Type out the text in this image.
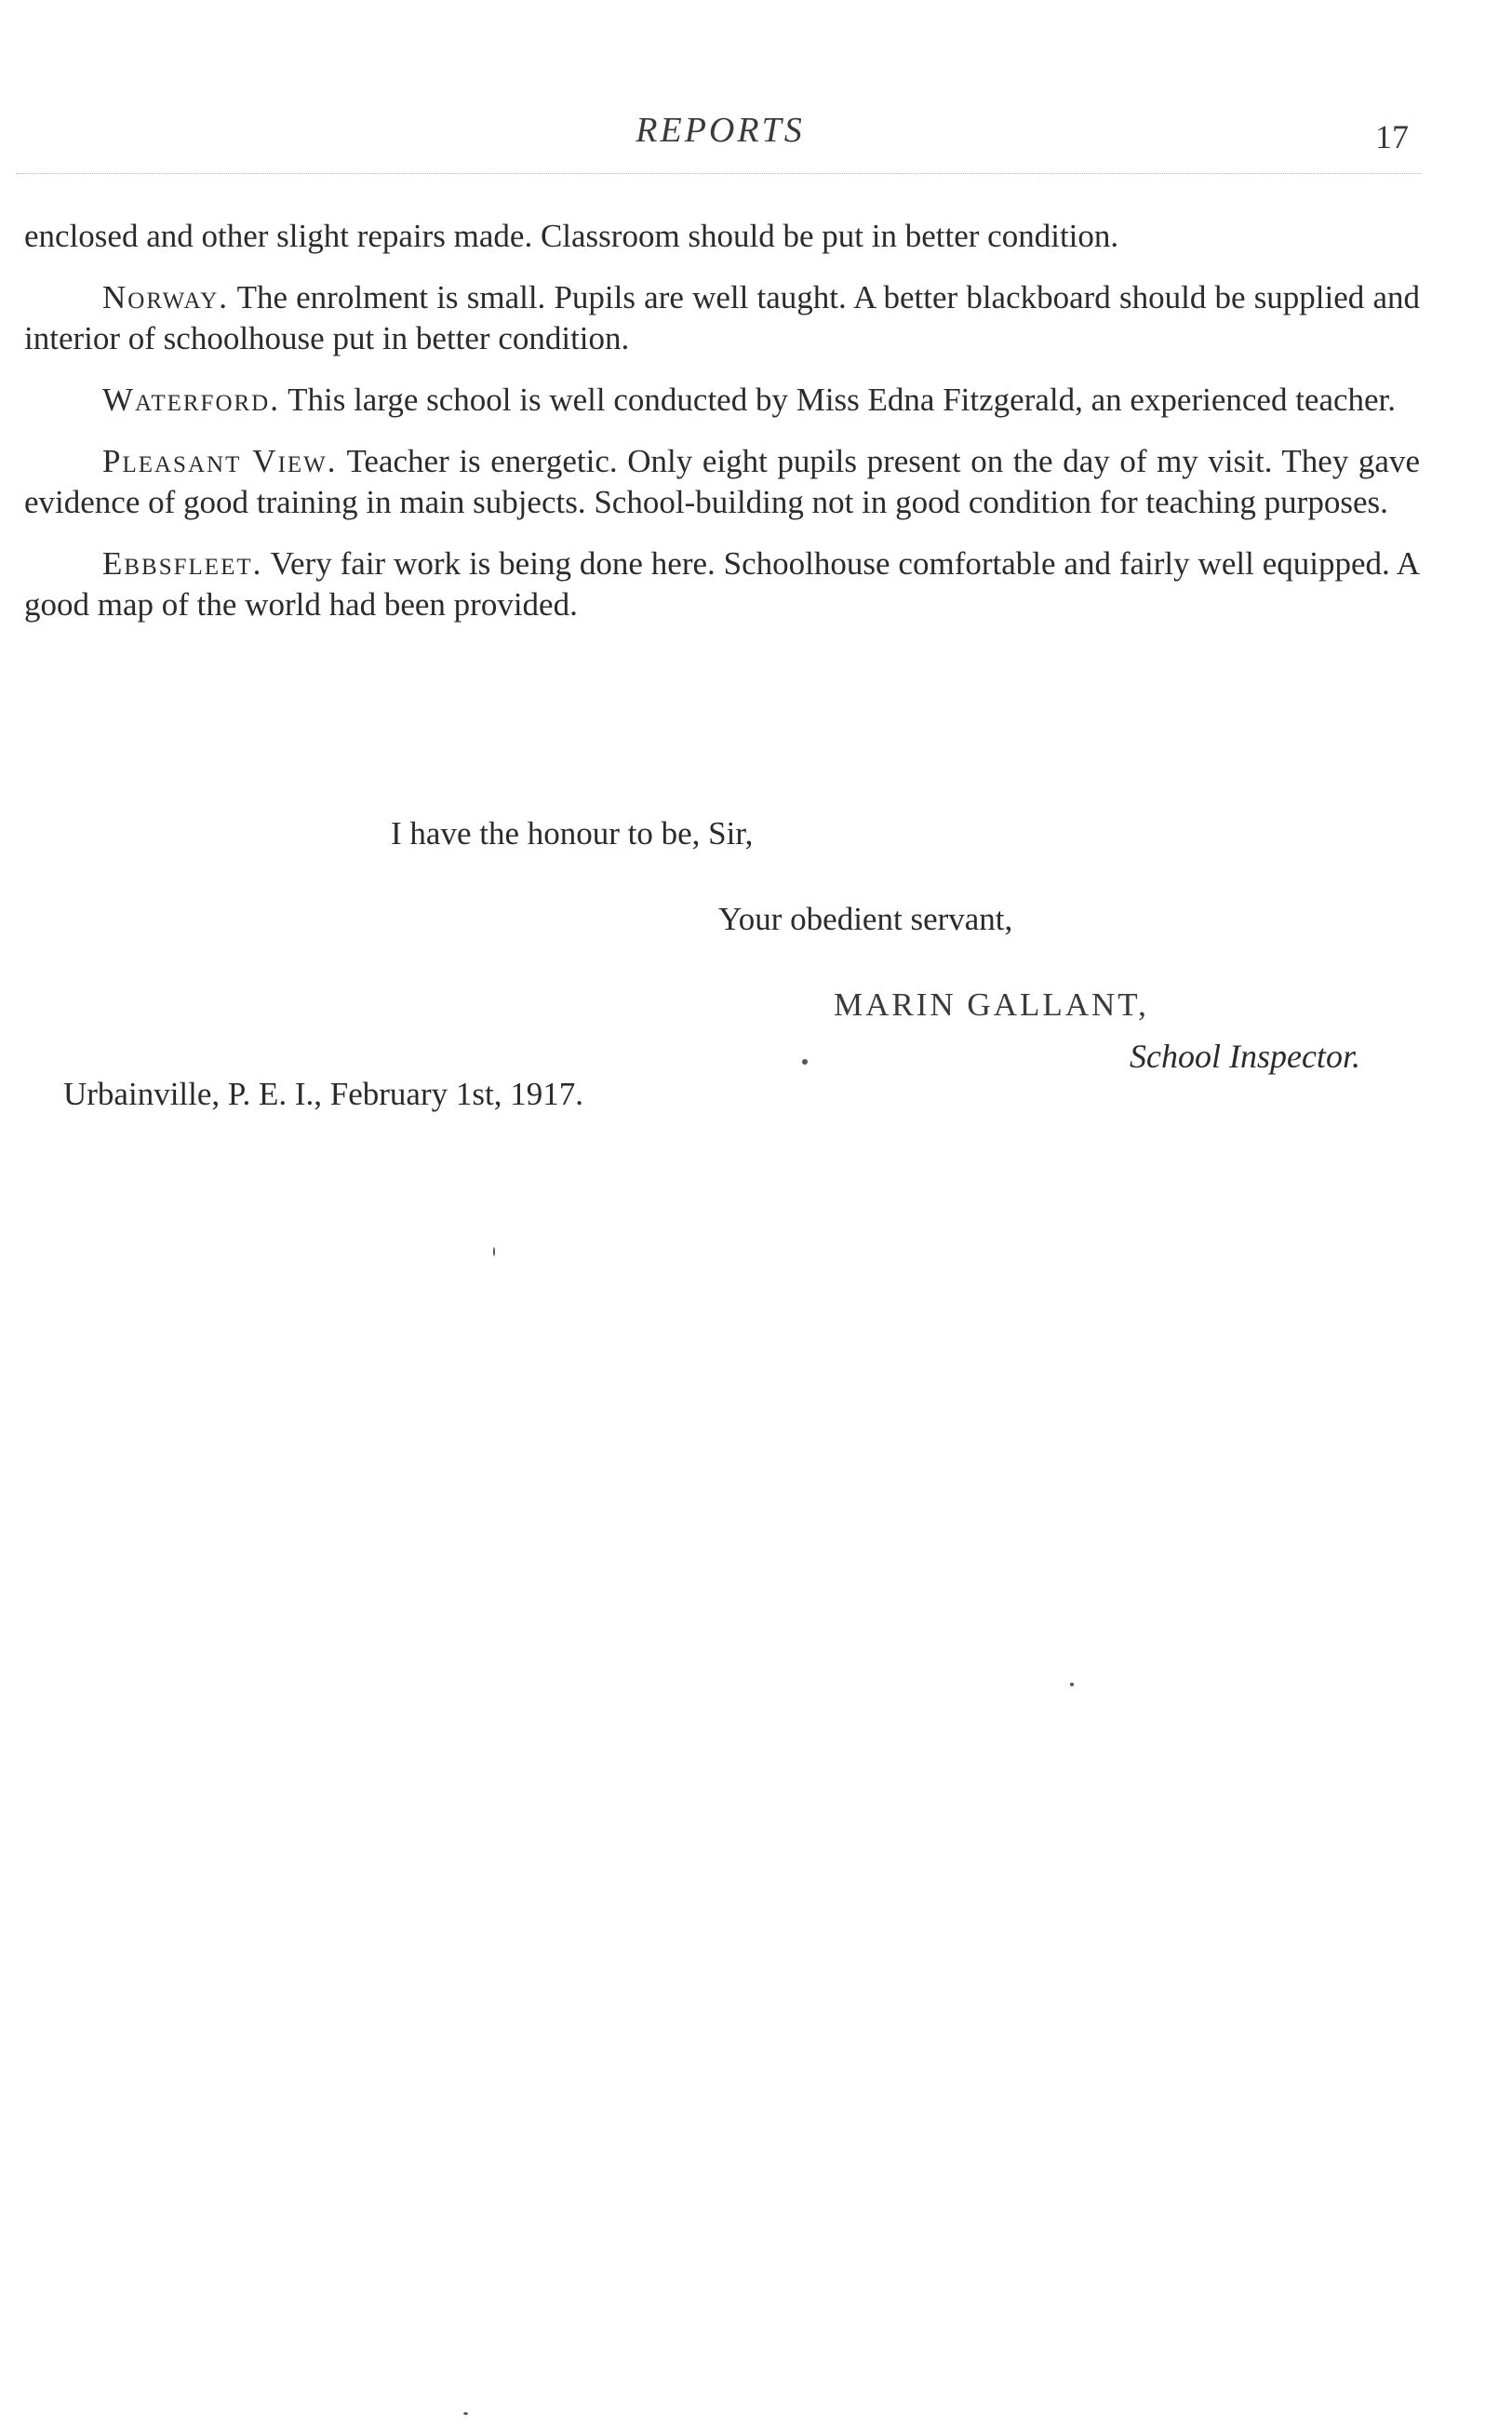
REPORTS	17

enclosed and other slight repairs made. Classroom should be put in better condition.

Norway. The enrolment is small. Pupils are well taught. A better blackboard should be supplied and interior of schoolhouse put in better condition.

Waterford. This large school is well conducted by Miss Edna Fitzgerald, an experienced teacher.

Pleasant View. Teacher is energetic. Only eight pupils present on the day of my visit. They gave evidence of good training in main subjects. School-building not in good condition for teaching purposes.

Ebbsfleet. Very fair work is being done here. Schoolhouse comfortable and fairly well equipped. A good map of the world had been provided.

I have the honour to be, Sir,
Your obedient servant,
MARIN GALLANT,
School Inspector.
Urbainville, P. E. I., February 1st, 1917.
